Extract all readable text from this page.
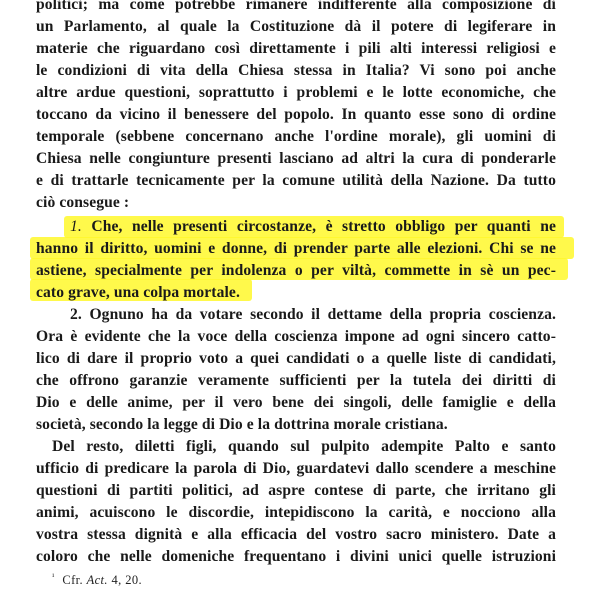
politici; ma come potrebbe rimanere indifferente alla composizione di
un Parlamento, al quale la Costituzione dà il potere di legiferare in
materie che riguardano così direttamente i pili alti interessi religiosi e
le condizioni di vita della Chiesa stessa in Italia? Vi sono poi anche
altre ardue questioni, soprattutto i problemi e le lotte economiche, che
toccano da vicino il benessere del popolo. In quanto esse sono di ordine
temporale (sebbene concernano anche l'ordine morale), gli uomini di
Chiesa nelle congiunture presenti lasciano ad altri la cura di ponderarle
e di trattarle tecnicamente per la comune utilità della Nazione. Da tutto
ciò consegue :
1. Che, nelle presenti circostanze, è stretto obbligo per quanti ne
hanno il diritto, uomini e donne, di prender parte alle elezioni. Chi se ne
astiene, specialmente per indolenza o per viltà, commette in sè un pec-
cato grave, una colpa mortale.
2. Ognuno ha da votare secondo il dettame della propria coscienza.
Ora è evidente che la voce della coscienza impone ad ogni sincero catto-
lico di dare il proprio voto a quei candidati o a quelle liste di candidati,
che offrono garanzie veramente sufficienti per la tutela dei diritti di
Dio e delle anime, per il vero bene dei singoli, delle famiglie e della
società, secondo la legge di Dio e la dottrina morale cristiana.
Del resto, diletti figli, quando sul pulpito adempite Palto e santo
ufficio di predicare la parola di Dio, guardatevi dallo scendere a meschine
questioni di partiti politici, ad aspre contese di parte, che irritano gli
animi, acuiscono le discordie, intepidiscono la carità, e nocciono alla
vostra stessa dignità e alla efficacia del vostro sacro ministero. Date a
coloro che nelle domeniche frequentano i divini unici quelle istruzioni
$^{^1}$ Cfr. Act. 4, 20.
